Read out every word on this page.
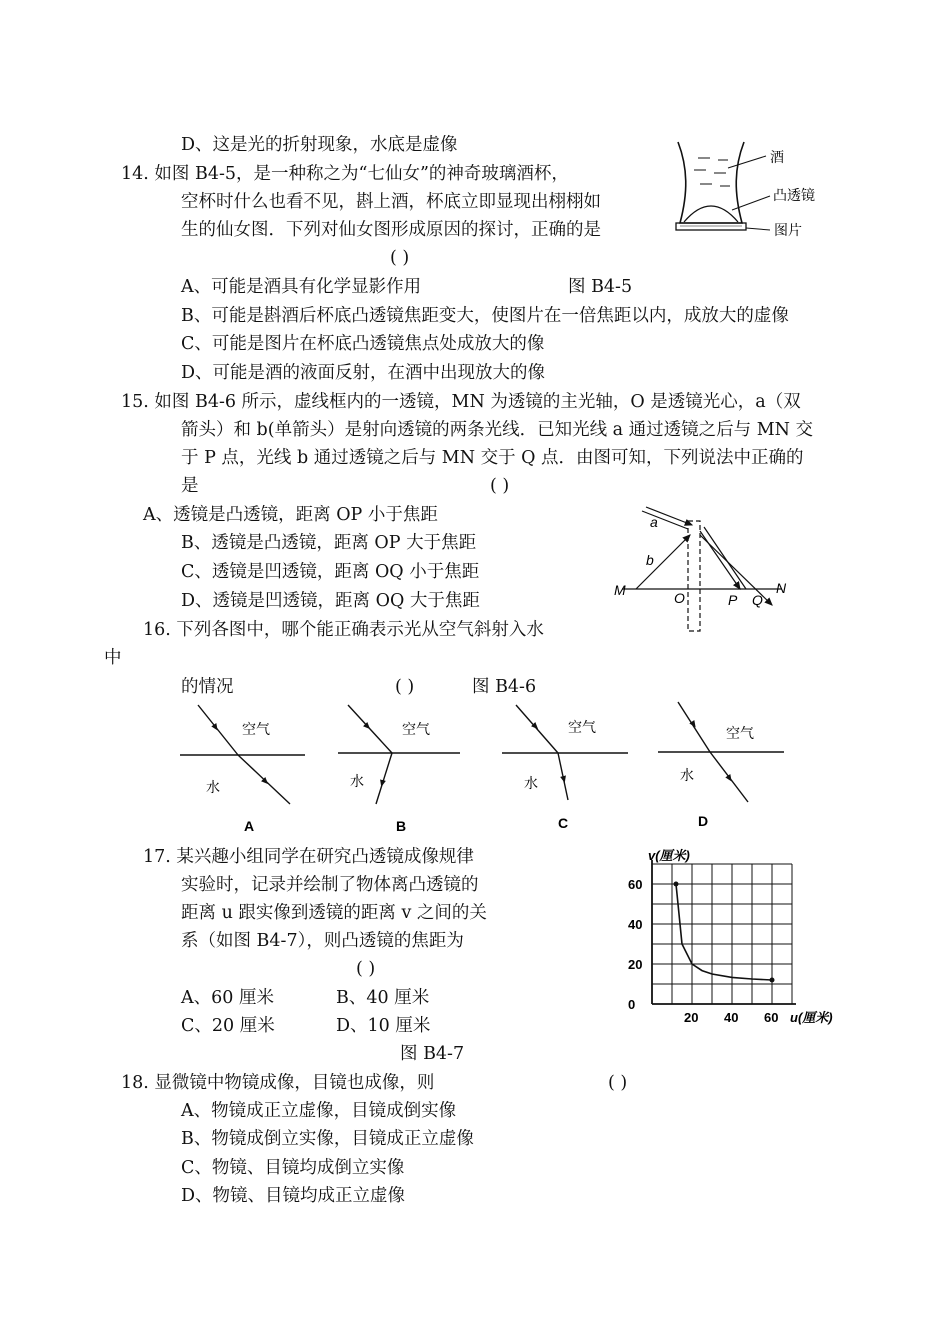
D、这是光的折射现象，水底是虚像
14. 如图 B4-5，是一种称之为“七仙女”的神奇玻璃酒杯，
空杯时什么也看不见，斟上酒，杯底立即显现出栩栩如
生的仙女图．下列对仙女图形成原因的探讨，正确的是
( )
A、可能是酒具有化学显影作用	图 B4-5
B、可能是斟酒后杯底凸透镜焦距变大，使图片在一倍焦距以内，成放大的虚像
C、可能是图片在杯底凸透镜焦点处成放大的像
D、可能是酒的液面反射，在酒中出现放大的像
酒
凸透镜
图片
15. 如图 B4-6 所示，虚线框内的一透镜，MN 为透镜的主光轴，O 是透镜光心，a（双
箭头）和 b(单箭头）是射向透镜的两条光线．已知光线 a 通过透镜之后与 MN 交
于 P 点，光线 b 通过透镜之后与 MN 交于 Q 点．由图可知，下列说法中正确的
是	( )
A、透镜是凸透镜，距离 OP 小于焦距
B、透镜是凸透镜，距离 OP 大于焦距
C、透镜是凹透镜，距离 OQ 小于焦距
D、透镜是凹透镜，距离 OQ 大于焦距
a
b
M	O	P Q
N
16. 下列各图中，哪个能正确表示光从空气斜射入水
中
的情况	( )	图 B4-6
空气
水
A
空气
水
B
空气
水
C
空气
水
D
17. 某兴趣小组同学在研究凸透镜成像规律
实验时，记录并绘制了物体离凸透镜的
距离 u 跟实像到透镜的距离 v 之间的关
系（如图 B4-7），则凸透镜的焦距为
( )
A、60 厘米	B、40 厘米
C、20 厘米	D、10 厘米
图 B4-7
20 40 60
0
20
40
60
v(厘米)
u(厘米)
18. 显微镜中物镜成像，目镜也成像，则	( )
A、物镜成正立虚像，目镜成倒实像
B、物镜成倒立实像，目镜成正立虚像
C、物镜、目镜均成倒立实像
D、物镜、目镜均成正立虚像
